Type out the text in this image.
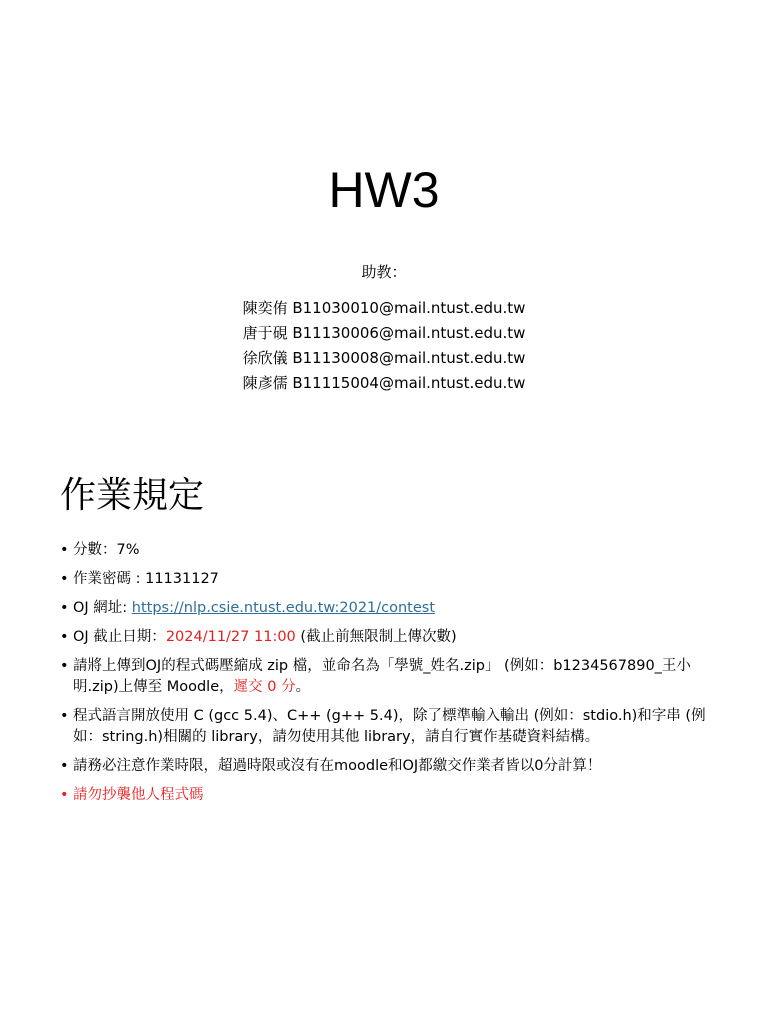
HW3
助教：
陳奕侑 B11030010@mail.ntust.edu.tw
唐于硯 B11130006@mail.ntust.edu.tw
徐欣儀 B11130008@mail.ntust.edu.tw
陳彥儒 B11115004@mail.ntust.edu.tw
作業規定
• 分數：7%
• 作業密碼 : 11131127
• OJ 網址: https://nlp.csie.ntust.edu.tw:2021/contest
• OJ 截止日期：2024/11/27 11:00 (截止前無限制上傳次數)
• 請將上傳到OJ的程式碼壓縮成 zip 檔，並命名為「學號_姓名.zip」 (例如：b1234567890_王小明.zip)上傳至 Moodle，遲交 0 分。
• 程式語言開放使用 C (gcc 5.4)、C++ (g++ 5.4)，除了標準輸入輸出 (例如：stdio.h)和字串 (例如：string.h)相關的 library，請勿使用其他 library，請自行實作基礎資料結構。
• 請務必注意作業時限，超過時限或沒有在moodle和OJ都繳交作業者皆以0分計算！
• 請勿抄襲他人程式碼
